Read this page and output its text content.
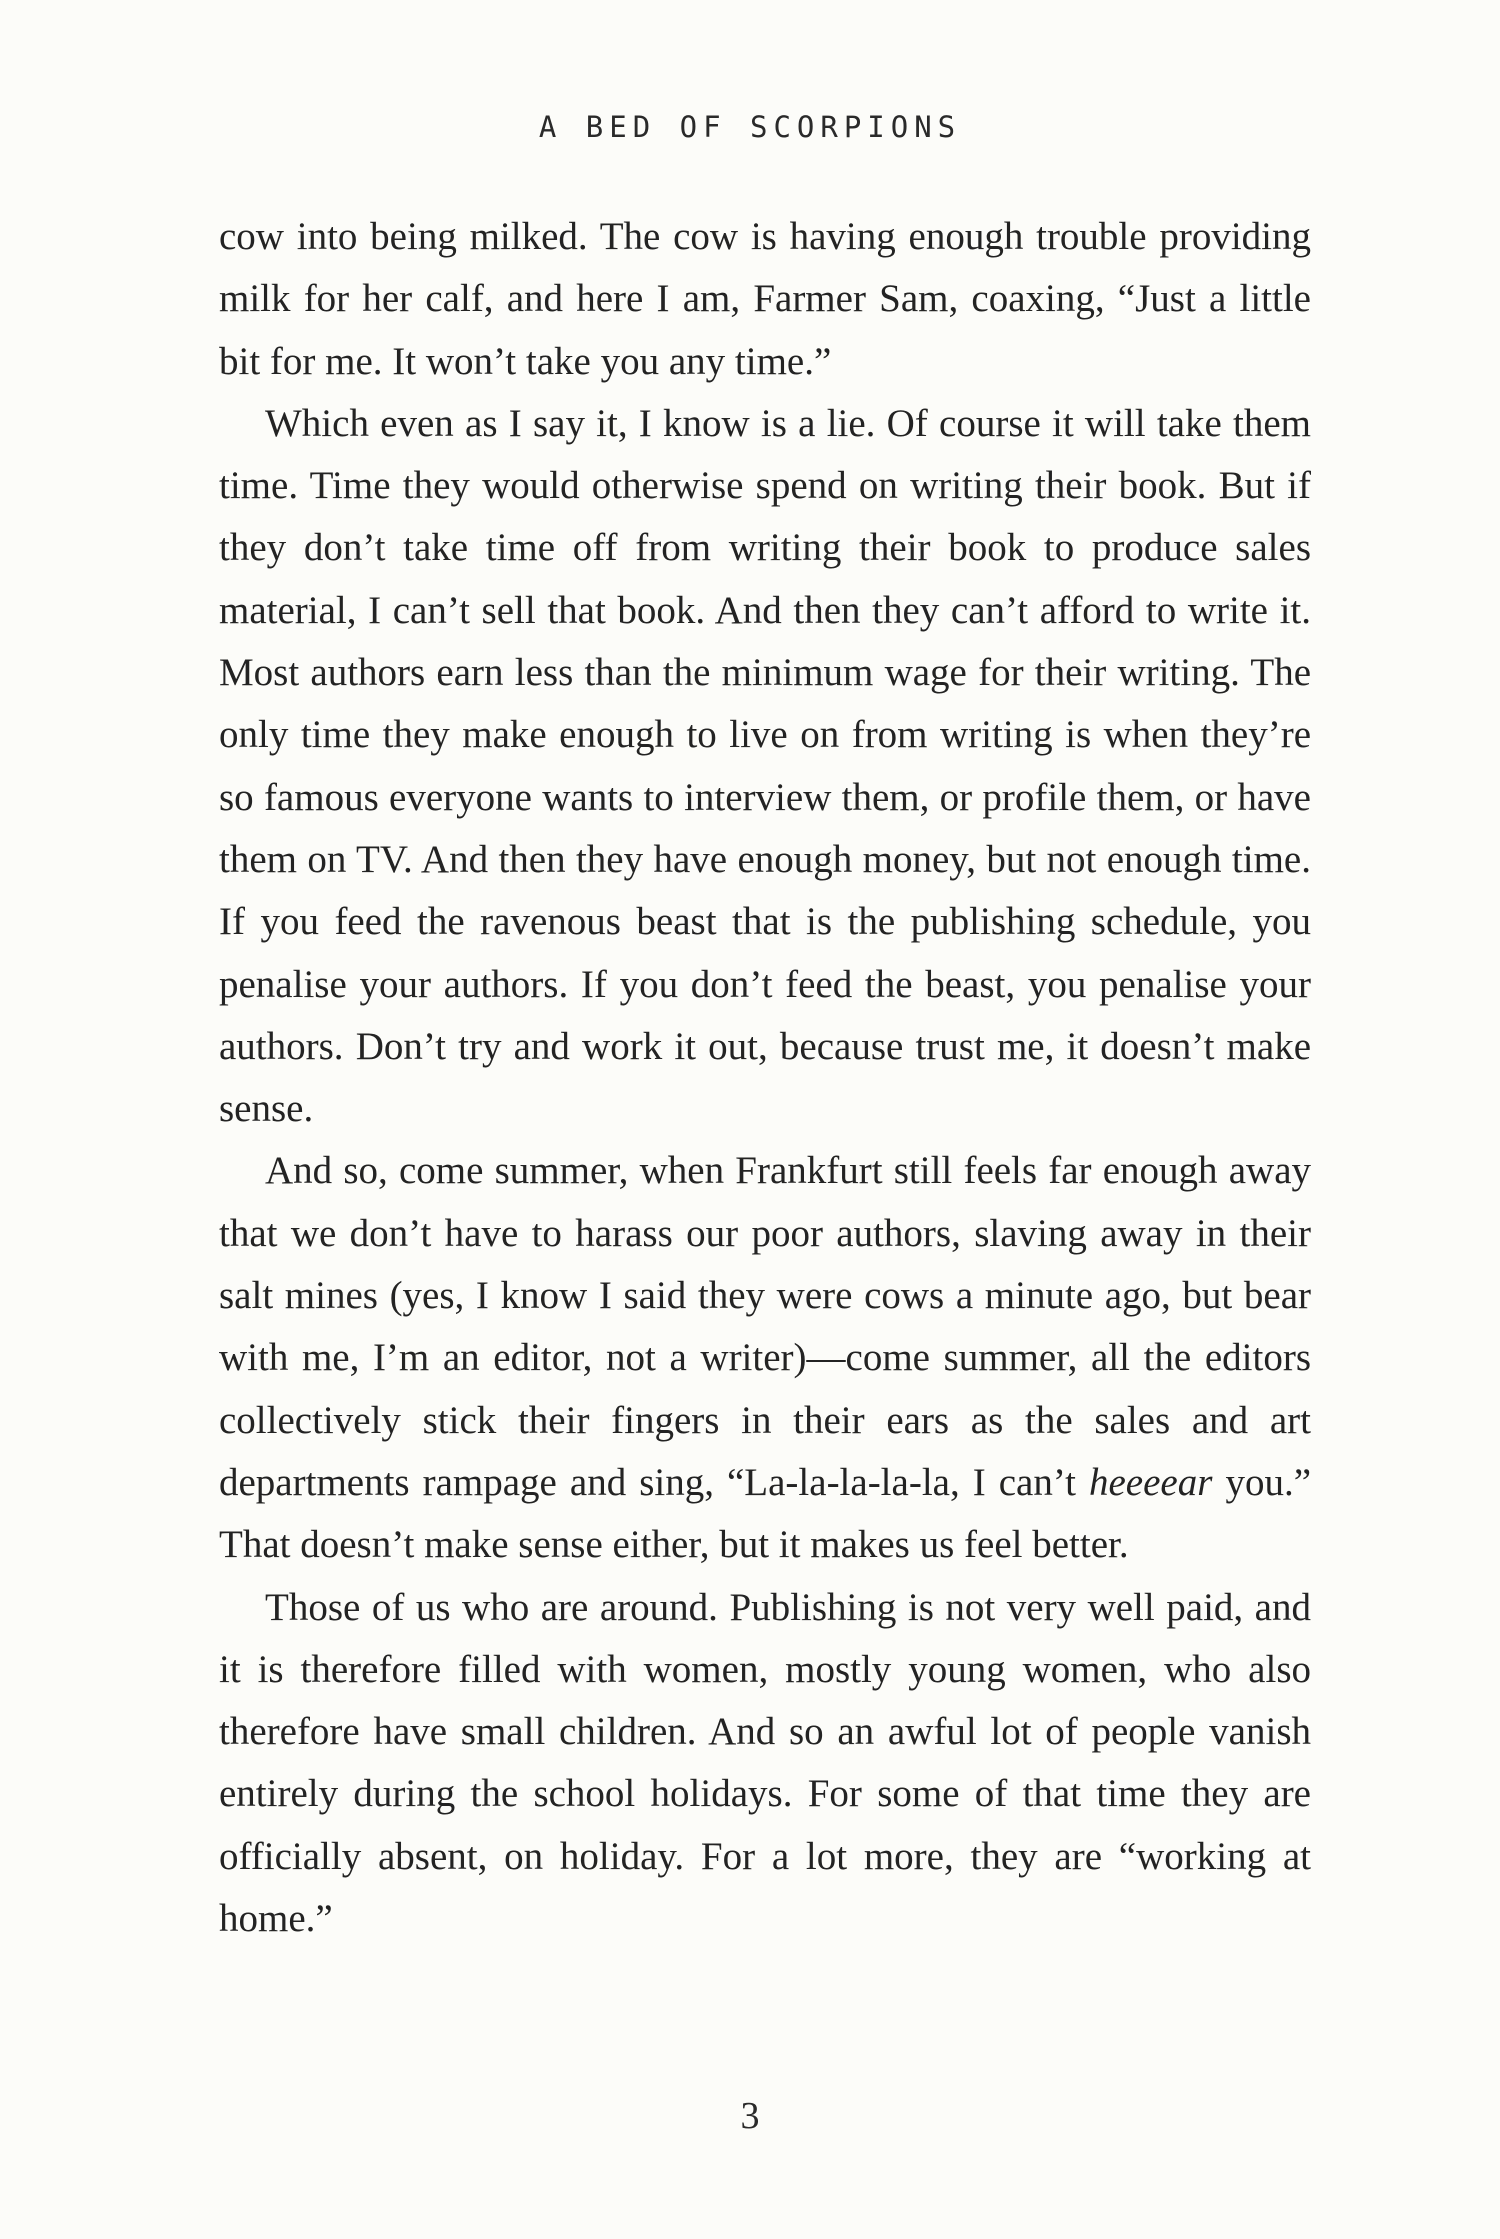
A BED OF SCORPIONS

cow into being milked. The cow is having enough trouble providing milk for her calf, and here I am, Farmer Sam, coaxing, “Just a little bit for me. It won’t take you any time.”

Which even as I say it, I know is a lie. Of course it will take them time. Time they would otherwise spend on writing their book. But if they don’t take time off from writing their book to produce sales material, I can’t sell that book. And then they can’t afford to write it. Most authors earn less than the minimum wage for their writing. The only time they make enough to live on from writing is when they’re so famous everyone wants to interview them, or profile them, or have them on TV. And then they have enough money, but not enough time. If you feed the ravenous beast that is the publishing schedule, you penalise your authors. If you don’t feed the beast, you penalise your authors. Don’t try and work it out, because trust me, it doesn’t make sense.

And so, come summer, when Frankfurt still feels far enough away that we don’t have to harass our poor authors, slaving away in their salt mines (yes, I know I said they were cows a minute ago, but bear with me, I’m an editor, not a writer)—come summer, all the editors collectively stick their fingers in their ears as the sales and art departments rampage and sing, “La-la-la-la-la, I can’t heeeear you.” That doesn’t make sense either, but it makes us feel better.

Those of us who are around. Publishing is not very well paid, and it is therefore filled with women, mostly young women, who also therefore have small children. And so an awful lot of people vanish entirely during the school holidays. For some of that time they are officially absent, on holiday. For a lot more, they are “working at home.”

3
